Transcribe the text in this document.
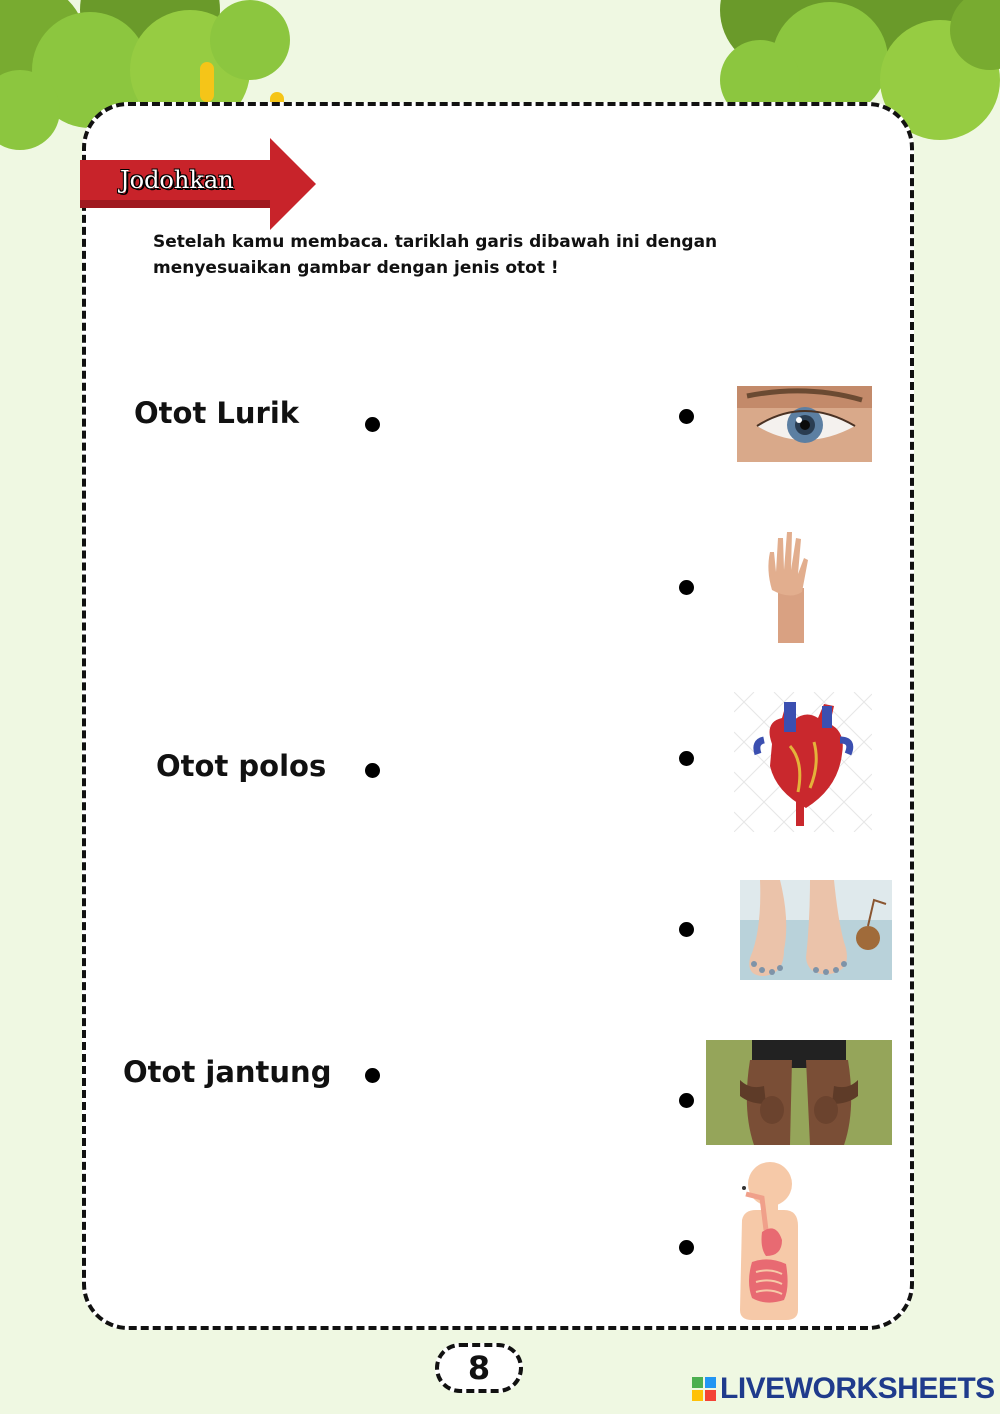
Jodohkan
Setelah kamu membaca. tariklah garis dibawah ini dengan menyesuaikan gambar dengan jenis otot !
Otot Lurik
Otot polos
Otot jantung
8
LIVEWORKSHEETS
